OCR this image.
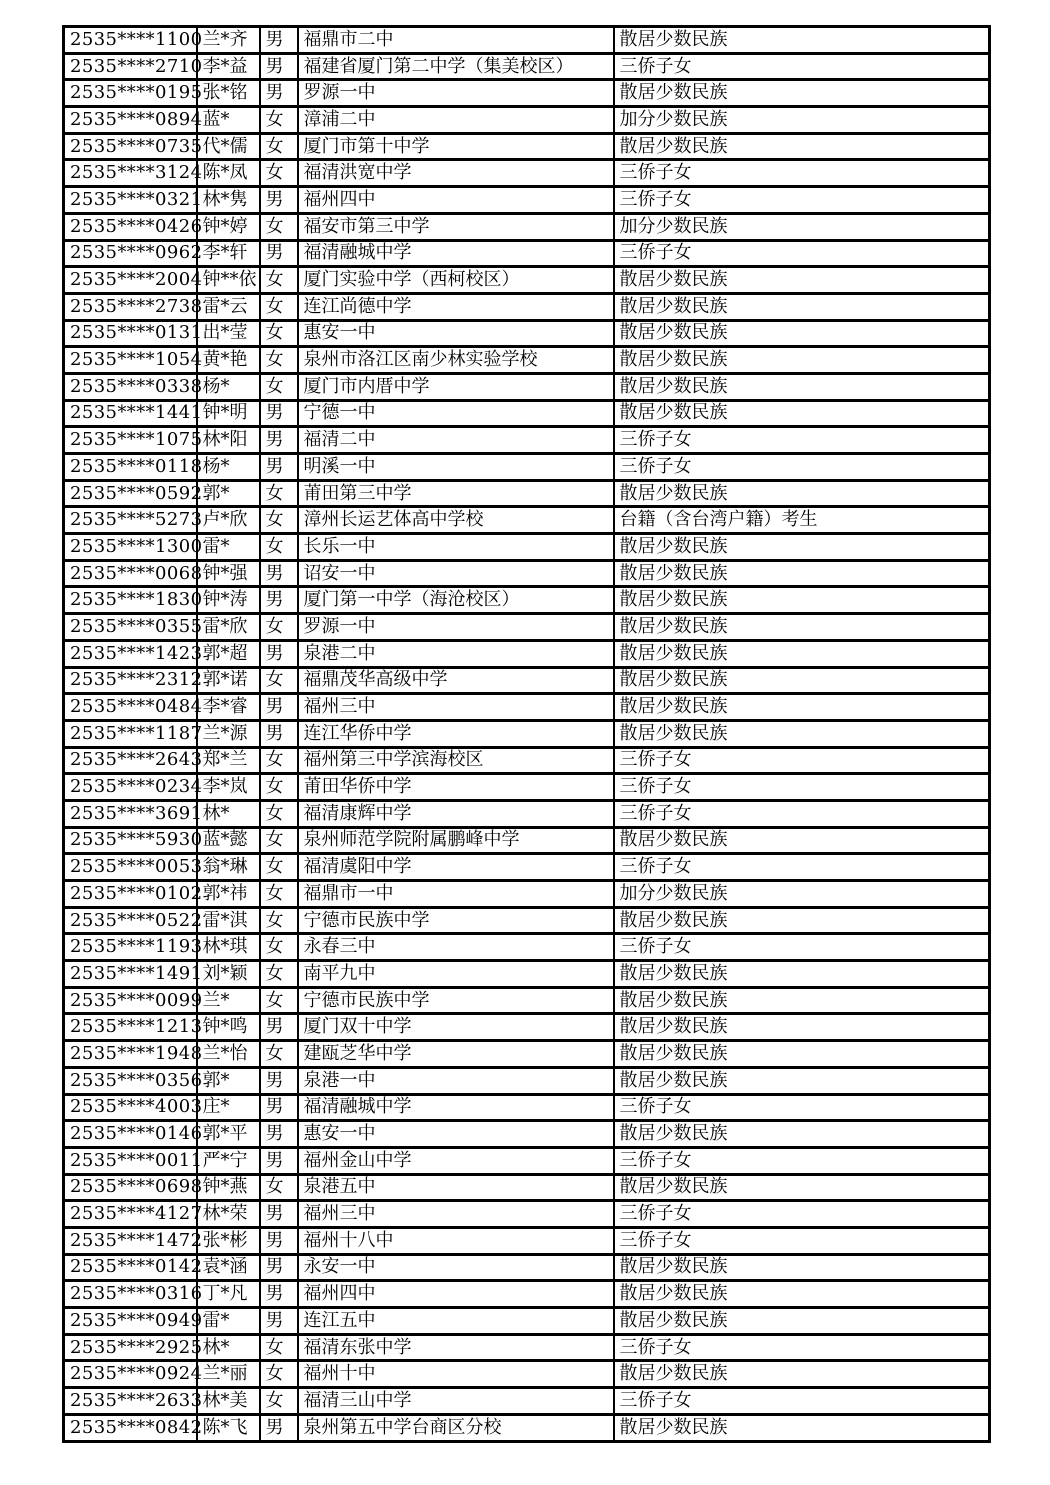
2535****1100	兰*齐	男	福鼎市二中	散居少数民族
2535****2710	李*益	男	福建省厦门第二中学（集美校区）	三侨子女
2535****0195	张*铭	男	罗源一中	散居少数民族
2535****0894	蓝*	女	漳浦二中	加分少数民族
2535****0735	代*儒	女	厦门市第十中学	散居少数民族
2535****3124	陈*凤	女	福清洪宽中学	三侨子女
2535****0321	林*隽	男	福州四中	三侨子女
2535****0426	钟*婷	女	福安市第三中学	加分少数民族
2535****0962	李*轩	男	福清融城中学	三侨子女
2535****2004	钟**依	女	厦门实验中学（西柯校区）	散居少数民族
2535****2738	雷*云	女	连江尚德中学	散居少数民族
2535****0131	出*莹	女	惠安一中	散居少数民族
2535****1054	黄*艳	女	泉州市洛江区南少林实验学校	散居少数民族
2535****0338	杨*	女	厦门市内厝中学	散居少数民族
2535****1441	钟*明	男	宁德一中	散居少数民族
2535****1075	林*阳	男	福清二中	三侨子女
2535****0118	杨*	男	明溪一中	三侨子女
2535****0592	郭*	女	莆田第三中学	散居少数民族
2535****5273	卢*欣	女	漳州长运艺体高中学校	台籍（含台湾户籍）考生
2535****1300	雷*	女	长乐一中	散居少数民族
2535****0068	钟*强	男	诏安一中	散居少数民族
2535****1830	钟*涛	男	厦门第一中学（海沧校区）	散居少数民族
2535****0355	雷*欣	女	罗源一中	散居少数民族
2535****1423	郭*超	男	泉港二中	散居少数民族
2535****2312	郭*诺	女	福鼎茂华高级中学	散居少数民族
2535****0484	李*睿	男	福州三中	散居少数民族
2535****1187	兰*源	男	连江华侨中学	散居少数民族
2535****2643	郑*兰	女	福州第三中学滨海校区	三侨子女
2535****0234	李*岚	女	莆田华侨中学	三侨子女
2535****3691	林*	女	福清康辉中学	三侨子女
2535****5930	蓝*懿	女	泉州师范学院附属鹏峰中学	散居少数民族
2535****0053	翁*琳	女	福清虞阳中学	三侨子女
2535****0102	郭*祎	女	福鼎市一中	加分少数民族
2535****0522	雷*淇	女	宁德市民族中学	散居少数民族
2535****1193	林*琪	女	永春三中	三侨子女
2535****1491	刘*颖	女	南平九中	散居少数民族
2535****0099	兰*	女	宁德市民族中学	散居少数民族
2535****1213	钟*鸣	男	厦门双十中学	散居少数民族
2535****1948	兰*怡	女	建瓯芝华中学	散居少数民族
2535****0356	郭*	男	泉港一中	散居少数民族
2535****4003	庄*	男	福清融城中学	三侨子女
2535****0146	郭*平	男	惠安一中	散居少数民族
2535****0011	严*宁	男	福州金山中学	三侨子女
2535****0698	钟*燕	女	泉港五中	散居少数民族
2535****4127	林*荣	男	福州三中	三侨子女
2535****1472	张*彬	男	福州十八中	三侨子女
2535****0142	袁*涵	男	永安一中	散居少数民族
2535****0316	丁*凡	男	福州四中	散居少数民族
2535****0949	雷*	男	连江五中	散居少数民族
2535****2925	林*	女	福清东张中学	三侨子女
2535****0924	兰*丽	女	福州十中	散居少数民族
2535****2633	林*美	女	福清三山中学	三侨子女
2535****0842	陈*飞	男	泉州第五中学台商区分校	散居少数民族
